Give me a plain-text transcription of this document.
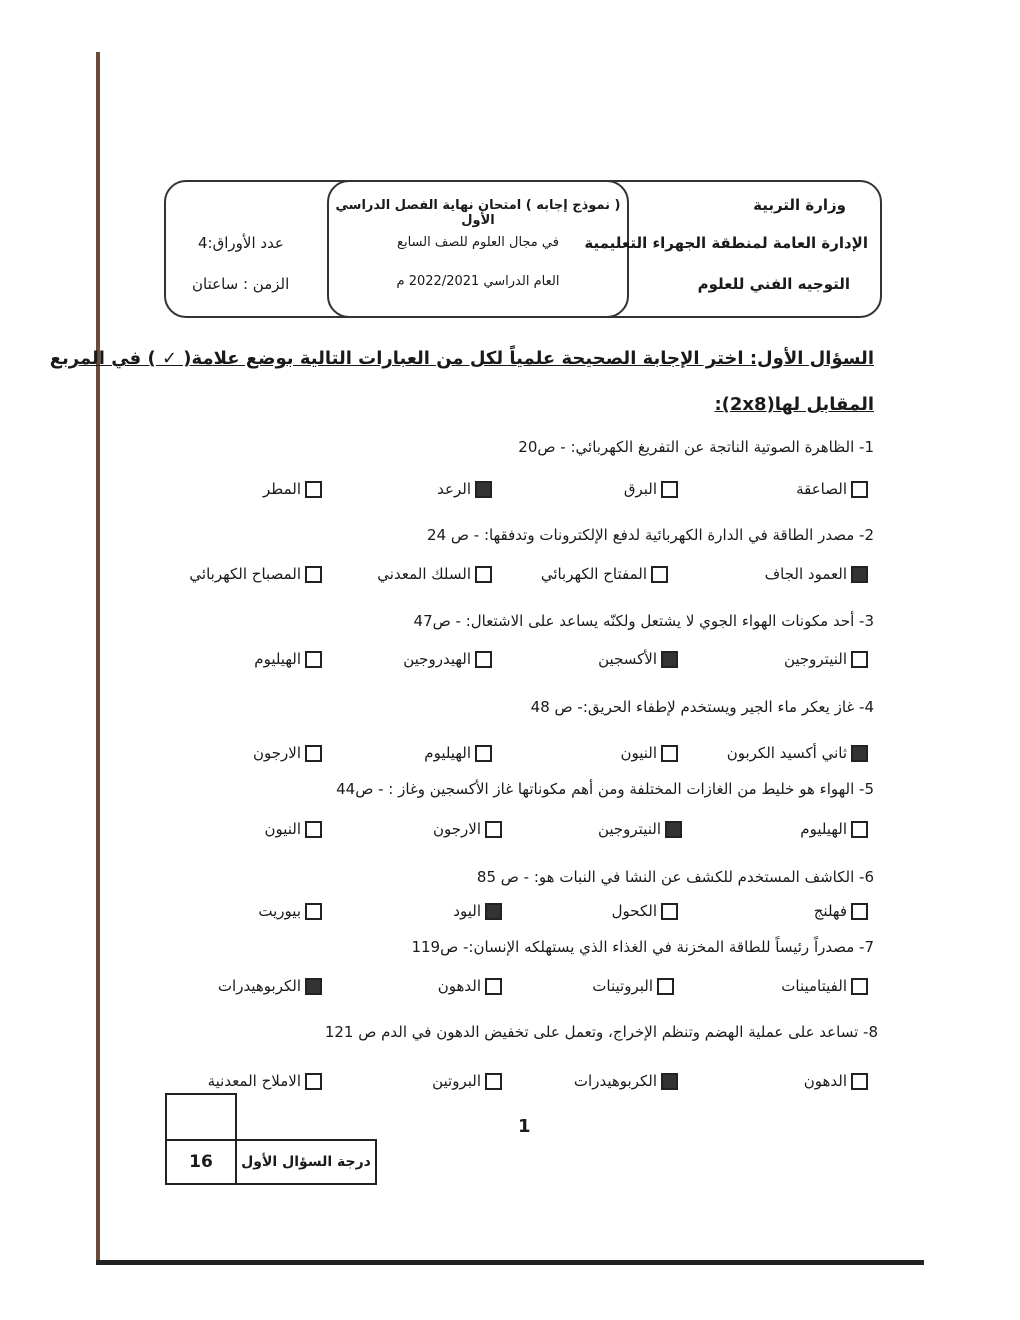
( نموذج إجابه ) امتحان نهاية الفصل الدراسي الأول
في مجال العلوم للصف السابع
العام الدراسي 2022/2021 م
وزارة التربية
الإدارة العامة لمنطقة الجهراء التعليمية
التوجيه الفني للعلوم
عدد الأوراق:4
الزمن : ساعتان
السؤال الأول: اختر الإجابة الصحيحة علمياً لكل من العبارات التالية بوضع علامة( ✓ ) في المربع
المقابل لها(2x8):
1- الظاهرة الصوتية الناتجة عن التفريغ الكهربائي: - ص20
الصاعقة
البرق
الرعد
المطر
2- مصدر الطاقة في الدارة الكهربائية لدفع الإلكترونات وتدفقها: - ص 24
العمود الجاف
المفتاح الكهربائي
السلك المعدني
المصباح الكهربائي
3- أحد مكونات الهواء الجوي لا يشتعل ولكنّه يساعد على الاشتعال: - ص47
النيتروجين
الأكسجين
الهيدروجين
الهيليوم
4- غاز يعكر ماء الجير ويستخدم لإطفاء الحريق:- ص 48
ثاني أكسيد الكربون
النيون
الهيليوم
الارجون
5- الهواء هو خليط من الغازات المختلفة ومن أهم مكوناتها غاز الأكسجين وغاز : - ص44
الهيليوم
النيتروجين
الارجون
النيون
6- الكاشف المستخدم للكشف عن النشا في النبات هو: - ص 85
فهلنج
الكحول
اليود
بيوريت
7- مصدراً رئيساً للطاقة المخزنة في الغذاء الذي يستهلكه الإنسان:- ص119
الفيتامينات
البروتينات
الدهون
الكربوهيدرات
8- تساعد على عملية الهضم وتنظم الإخراج، وتعمل على تخفيض الدهون في الدم ص 121
الدهون
الكربوهيدرات
البروتين
الاملاح المعدنية

16	درجة السؤال الأول
1
